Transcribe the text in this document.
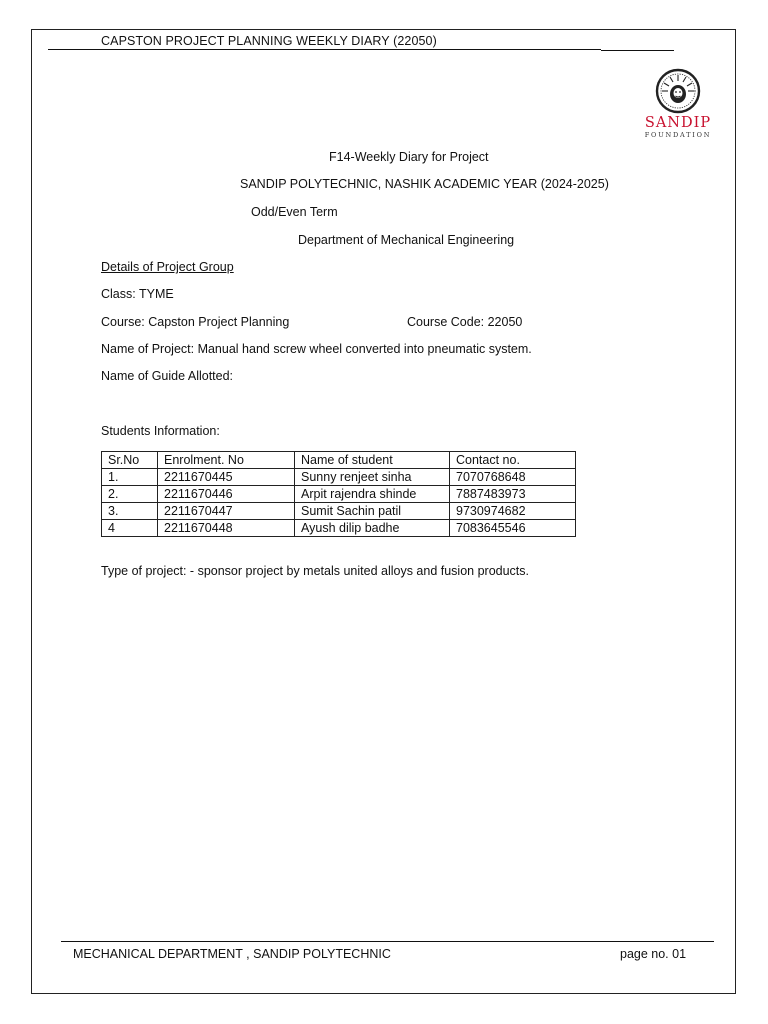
CAPSTON PROJECT PLANNING WEEKLY DIARY (22050)
SANDIP
FOUNDATION
F14-Weekly Diary for Project
SANDIP POLYTECHNIC, NASHIK ACADEMIC YEAR (2024-2025)
Odd/Even Term
Department of Mechanical Engineering
Details of Project Group
Class: TYME
Course: Capston Project Planning	Course Code: 22050
Name of Project: Manual hand screw wheel converted into pneumatic system.
Name of Guide Allotted:
Students Information:
Sr.No	Enrolment. No	Name of student	Contact no.
1.	2211670445	Sunny renjeet sinha	7070768648
2.	2211670446	Arpit rajendra shinde	7887483973
3.	2211670447	Sumit Sachin patil	9730974682
4	2211670448	Ayush dilip badhe	7083645546
Type of project: - sponsor project by metals united alloys and fusion products.
MECHANICAL DEPARTMENT , SANDIP POLYTECHNIC	page no. 01
